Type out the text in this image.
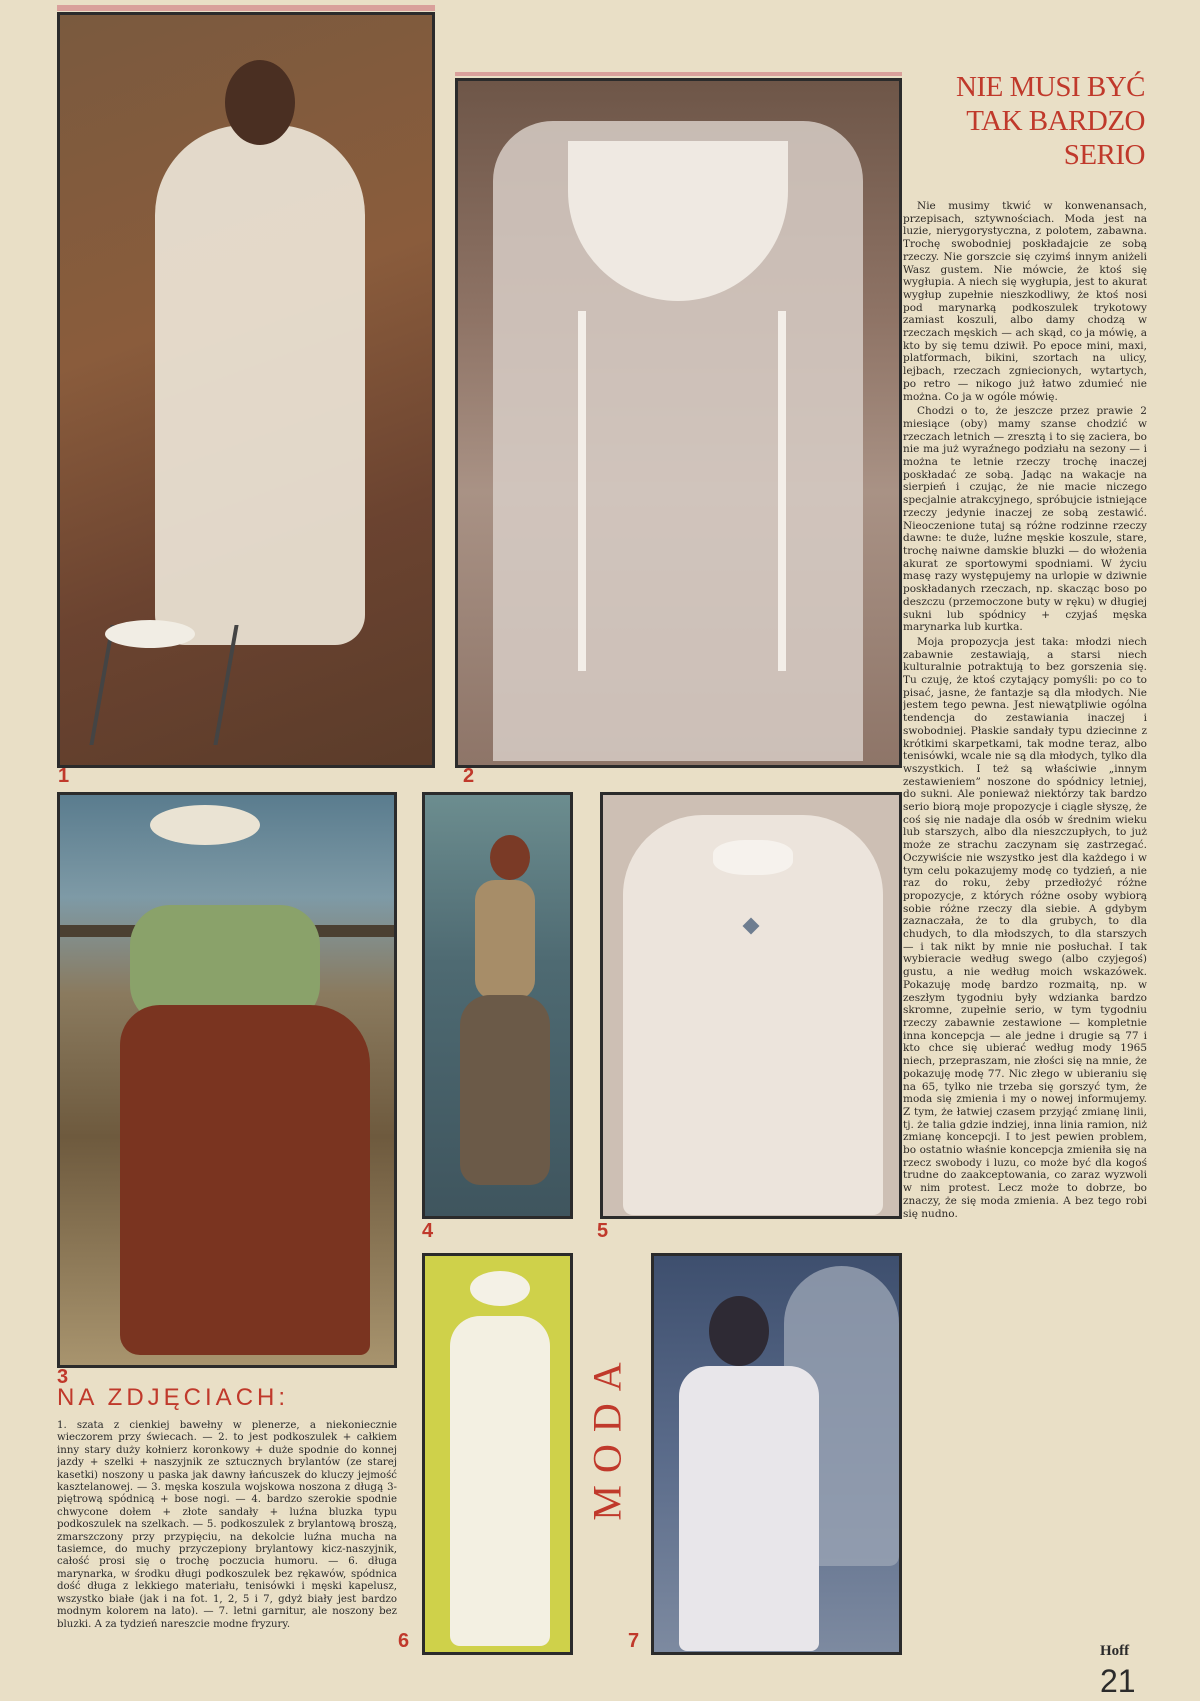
1	2
3
4	5
6	7
NIE MUSI BYĆ
TAK BARDZO
SERIO

Nie musimy tkwić w konwenansach, przepisach, sztywnościach. Moda jest na luzie, nierygorystyczna, z polotem, zabawna. Trochę swobodniej poskładajcie ze sobą rzeczy. Nie gorszcie się czyimś innym aniżeli Wasz gustem. Nie mówcie, że ktoś się wygłupia. A niech się wygłupia, jest to akurat wygłup zupełnie nieszkodliwy, że ktoś nosi pod marynarką podkoszulek trykotowy zamiast koszuli, albo damy chodzą w rzeczach męskich — ach skąd, co ja mówię, a kto by się temu dziwił. Po epoce mini, maxi, platformach, bikini, szortach na ulicy, lejbach, rzeczach zgniecionych, wytartych, po retro — nikogo już łatwo zdumieć nie można. Co ja w ogóle mówię.

Chodzi o to, że jeszcze przez prawie 2 miesiące (oby) mamy szanse chodzić w rzeczach letnich — zresztą i to się zaciera, bo nie ma już wyraźnego podziału na sezony — i można te letnie rzeczy trochę inaczej poskładać ze sobą. Jadąc na wakacje na sierpień i czując, że nie macie niczego specjalnie atrakcyjnego, spróbujcie istniejące rzeczy jedynie inaczej ze sobą zestawić. Nieoczenione tutaj są różne rodzinne rzeczy dawne: te duże, luźne męskie koszule, stare, trochę naiwne damskie bluzki — do włożenia akurat ze sportowymi spodniami. W życiu masę razy występujemy na urlopie w dziwnie poskładanych rzeczach, np. skacząc boso po deszczu (przemoczone buty w ręku) w długiej sukni lub spódnicy + czyjaś męska marynarka lub kurtka.

Moja propozycja jest taka: młodzi niech zabawnie zestawiają, a starsi niech kulturalnie potraktują to bez gorszenia się. Tu czuję, że ktoś czytający pomyśli: po co to pisać, jasne, że fantazje są dla młodych. Nie jestem tego pewna. Jest niewątpliwie ogólna tendencja do zestawiania inaczej i swobodniej. Płaskie sandały typu dziecinne z krótkimi skarpetkami, tak modne teraz, albo tenisówki, wcale nie są dla młodych, tylko dla wszystkich. I też są właściwie „innym zestawieniem” noszone do spódnicy letniej, do sukni. Ale ponieważ niektórzy tak bardzo serio biorą moje propozycje i ciągle słyszę, że coś się nie nadaje dla osób w średnim wieku lub starszych, albo dla nieszczupłych, to już może ze strachu zaczynam się zastrzegać. Oczywiście nie wszystko jest dla każdego i w tym celu pokazujemy modę co tydzień, a nie raz do roku, żeby przedłożyć różne propozycje, z których różne osoby wybiorą sobie różne rzeczy dla siebie. A gdybym zaznaczała, że to dla grubych, to dla chudych, to dla młodszych, to dla starszych — i tak nikt by mnie nie posłuchał. I tak wybieracie według swego (albo czyjegoś) gustu, a nie według moich wskazówek. Pokazuję modę bardzo rozmaitą, np. w zeszłym tygodniu były wdzianka bardzo skromne, zupełnie serio, w tym tygodniu rzeczy zabawnie zestawione — kompletnie inna koncepcja — ale jedne i drugie są 77 i kto chce się ubierać według mody 1965 niech, przepraszam, nie złości się na mnie, że pokazuję modę 77. Nic złego w ubieraniu się na 65, tylko nie trzeba się gorszyć tym, że moda się zmienia i my o nowej informujemy. Z tym, że łatwiej czasem przyjąć zmianę linii, tj. że talia gdzie indziej, inna linia ramion, niż zmianę koncepcji. I to jest pewien problem, bo ostatnio właśnie koncepcja zmieniła się na rzecz swobody i luzu, co może być dla kogoś trudne do zaakceptowania, co zaraz wyzwoli w nim protest. Lecz może to dobrze, bo znaczy, że się moda zmienia. A bez tego robi się nudno.

Hoff
21
NA ZDJĘCIACH:
1. szata z cienkiej bawełny w plenerze, a niekoniecznie wieczorem przy świecach. — 2. to jest podkoszulek + całkiem inny stary duży kołnierz koronkowy + duże spodnie do konnej jazdy + szelki + naszyjnik ze sztucznych brylantów (ze starej kasetki) noszony u paska jak dawny łańcuszek do kluczy jejmość kasztelanowej. — 3. męska koszula wojskowa noszona z długą 3-piętrową spódnicą + bose nogi. — 4. bardzo szerokie spodnie chwycone dołem + złote sandały + luźna bluzka typu podkoszulek na szelkach. — 5. podkoszulek z brylantową broszą, zmarszczony przy przypięciu, na dekolcie luźna mucha na tasiemce, do muchy przyczepiony brylantowy kicz-naszyjnik, całość prosi się o trochę poczucia humoru. — 6. długa marynarka, w środku długi podkoszulek bez rękawów, spódnica dość długa z lekkiego materiału, tenisówki i męski kapelusz, wszystko białe (jak i na fot. 1, 2, 5 i 7, gdyż biały jest bardzo modnym kolorem na lato). — 7. letni garnitur, ale noszony bez bluzki. A za tydzień nareszcie modne fryzury.
MODA
